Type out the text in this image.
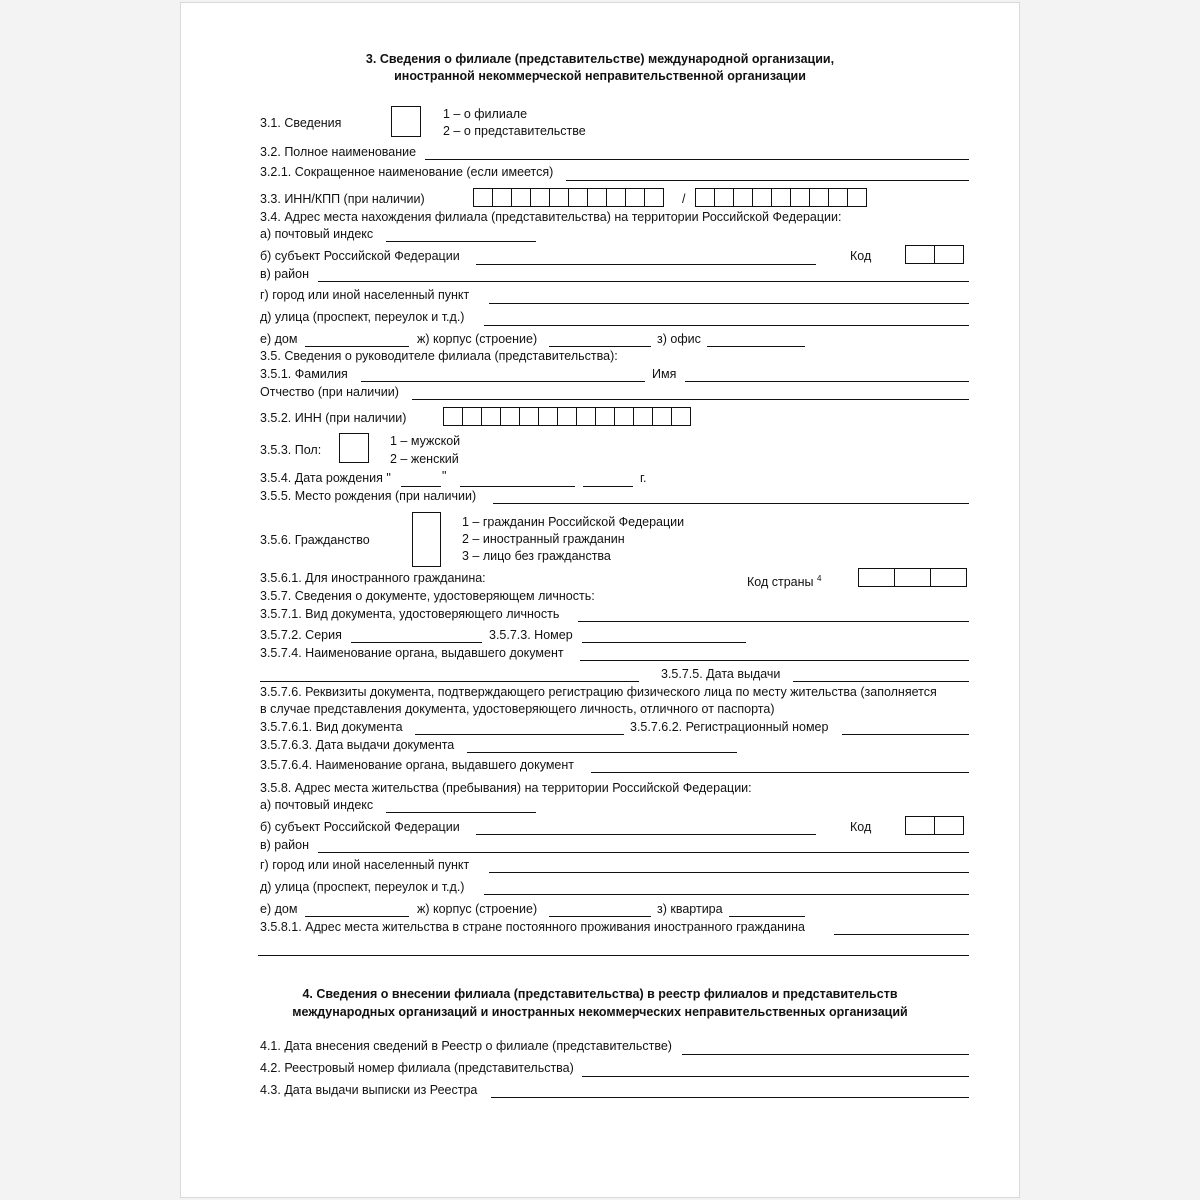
3. Сведения о филиале (представительстве) международной организации,
иностранной некоммерческой неправительственной организации
3.1. Сведения
1 – о филиале
2 – о представительстве
3.2. Полное наименование
3.2.1. Сокращенное наименование (если имеется)
3.3. ИНН/КПП (при наличии)	/
3.4. Адрес места нахождения филиала (представительства) на территории Российской Федерации:
а) почтовый индекс
б) субъект Российской Федерации	Код
в) район
г) город или иной населенный пункт
д) улица (проспект, переулок и т.д.)
е) дом	ж) корпус (строение)	з) офис
3.5. Сведения о руководителе филиала (представительства):
3.5.1. Фамилия	Имя
Отчество (при наличии)
3.5.2. ИНН (при наличии)
3.5.3. Пол:
1 – мужской
2 – женский
3.5.4. Дата рождения "	"	г.
3.5.5. Место рождения (при наличии)
3.5.6. Гражданство
1 – гражданин Российской Федерации
2 – иностранный гражданин
3 – лицо без гражданства
3.5.6.1. Для иностранного гражданина:	Код страны $^4$
3.5.7. Сведения о документе, удостоверяющем личность:
3.5.7.1. Вид документа, удостоверяющего личность
3.5.7.2. Серия	3.5.7.3. Номер
3.5.7.4. Наименование органа, выдавшего документ
3.5.7.5. Дата выдачи
3.5.7.6. Реквизиты документа, подтверждающего регистрацию физического лица по месту жительства (заполняется
в случае представления документа, удостоверяющего личность, отличного от паспорта)
3.5.7.6.1. Вид документа	3.5.7.6.2. Регистрационный номер
3.5.7.6.3. Дата выдачи документа
3.5.7.6.4. Наименование органа, выдавшего документ
3.5.8. Адрес места жительства (пребывания) на территории Российской Федерации:
а) почтовый индекс
б) субъект Российской Федерации	Код
в) район
г) город или иной населенный пункт
д) улица (проспект, переулок и т.д.)
е) дом	ж) корпус (строение)	з) квартира
3.5.8.1. Адрес места жительства в стране постоянного проживания иностранного гражданина
4. Сведения о внесении филиала (представительства) в реестр филиалов и представительств
международных организаций и иностранных некоммерческих неправительственных организаций
4.1. Дата внесения сведений в Реестр о филиале (представительстве)
4.2. Реестровый номер филиала (представительства)
4.3. Дата выдачи выписки из Реестра
